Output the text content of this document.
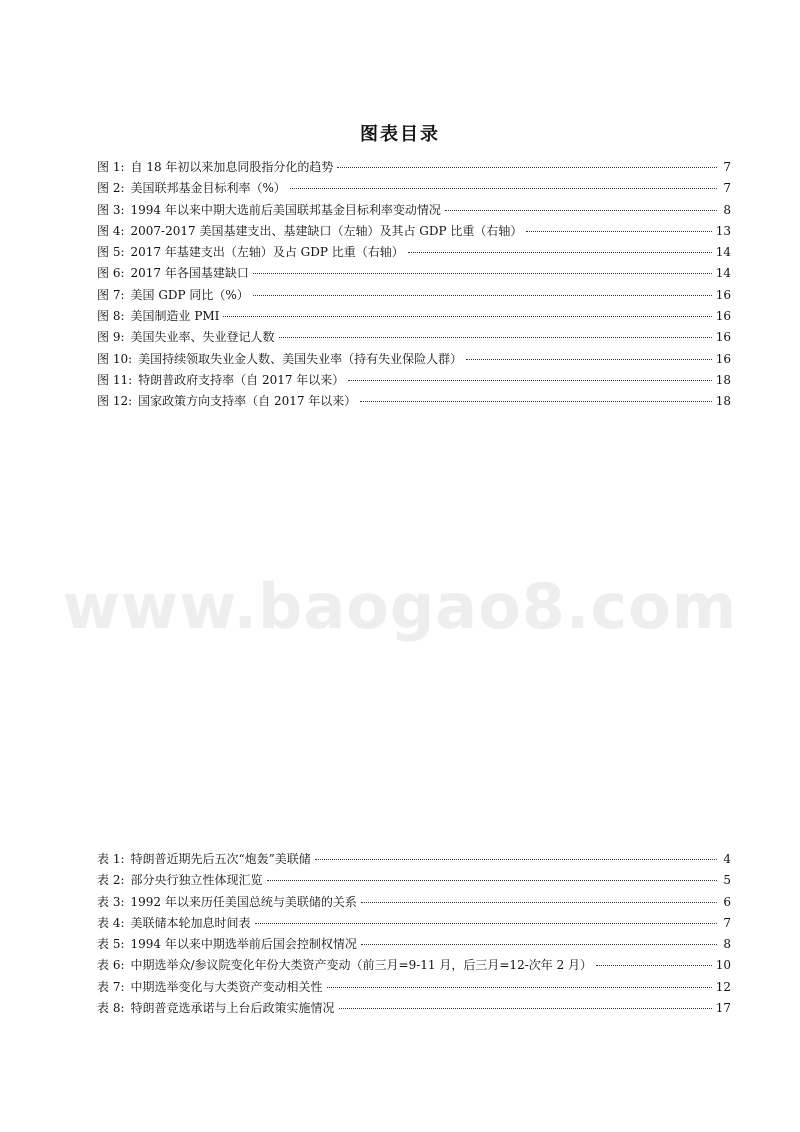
图表目录
图 1: 自 18 年初以来加息同股指分化的趋势	7
图 2: 美国联邦基金目标利率（%）	7
图 3: 1994 年以来中期大选前后美国联邦基金目标利率变动情况	8
图 4: 2007-2017 美国基建支出、基建缺口（左轴）及其占 GDP 比重（右轴）	13
图 5: 2017 年基建支出（左轴）及占 GDP 比重（右轴）	14
图 6: 2017 年各国基建缺口	14
图 7: 美国 GDP 同比（%）	16
图 8: 美国制造业 PMI	16
图 9: 美国失业率、失业登记人数	16
图 10: 美国持续领取失业金人数、美国失业率（持有失业保险人群）	16
图 11: 特朗普政府支持率（自 2017 年以来）	18
图 12: 国家政策方向支持率（自 2017 年以来）	18
www.baogao8.com
表 1: 特朗普近期先后五次“炮轰”美联储	4
表 2: 部分央行独立性体现汇览	5
表 3: 1992 年以来历任美国总统与美联储的关系	6
表 4: 美联储本轮加息时间表	7
表 5: 1994 年以来中期选举前后国会控制权情况	8
表 6: 中期选举众/参议院变化年份大类资产变动（前三月=9-11 月，后三月=12-次年 2 月）	10
表 7: 中期选举变化与大类资产变动相关性	12
表 8: 特朗普竞选承诺与上台后政策实施情况	17
